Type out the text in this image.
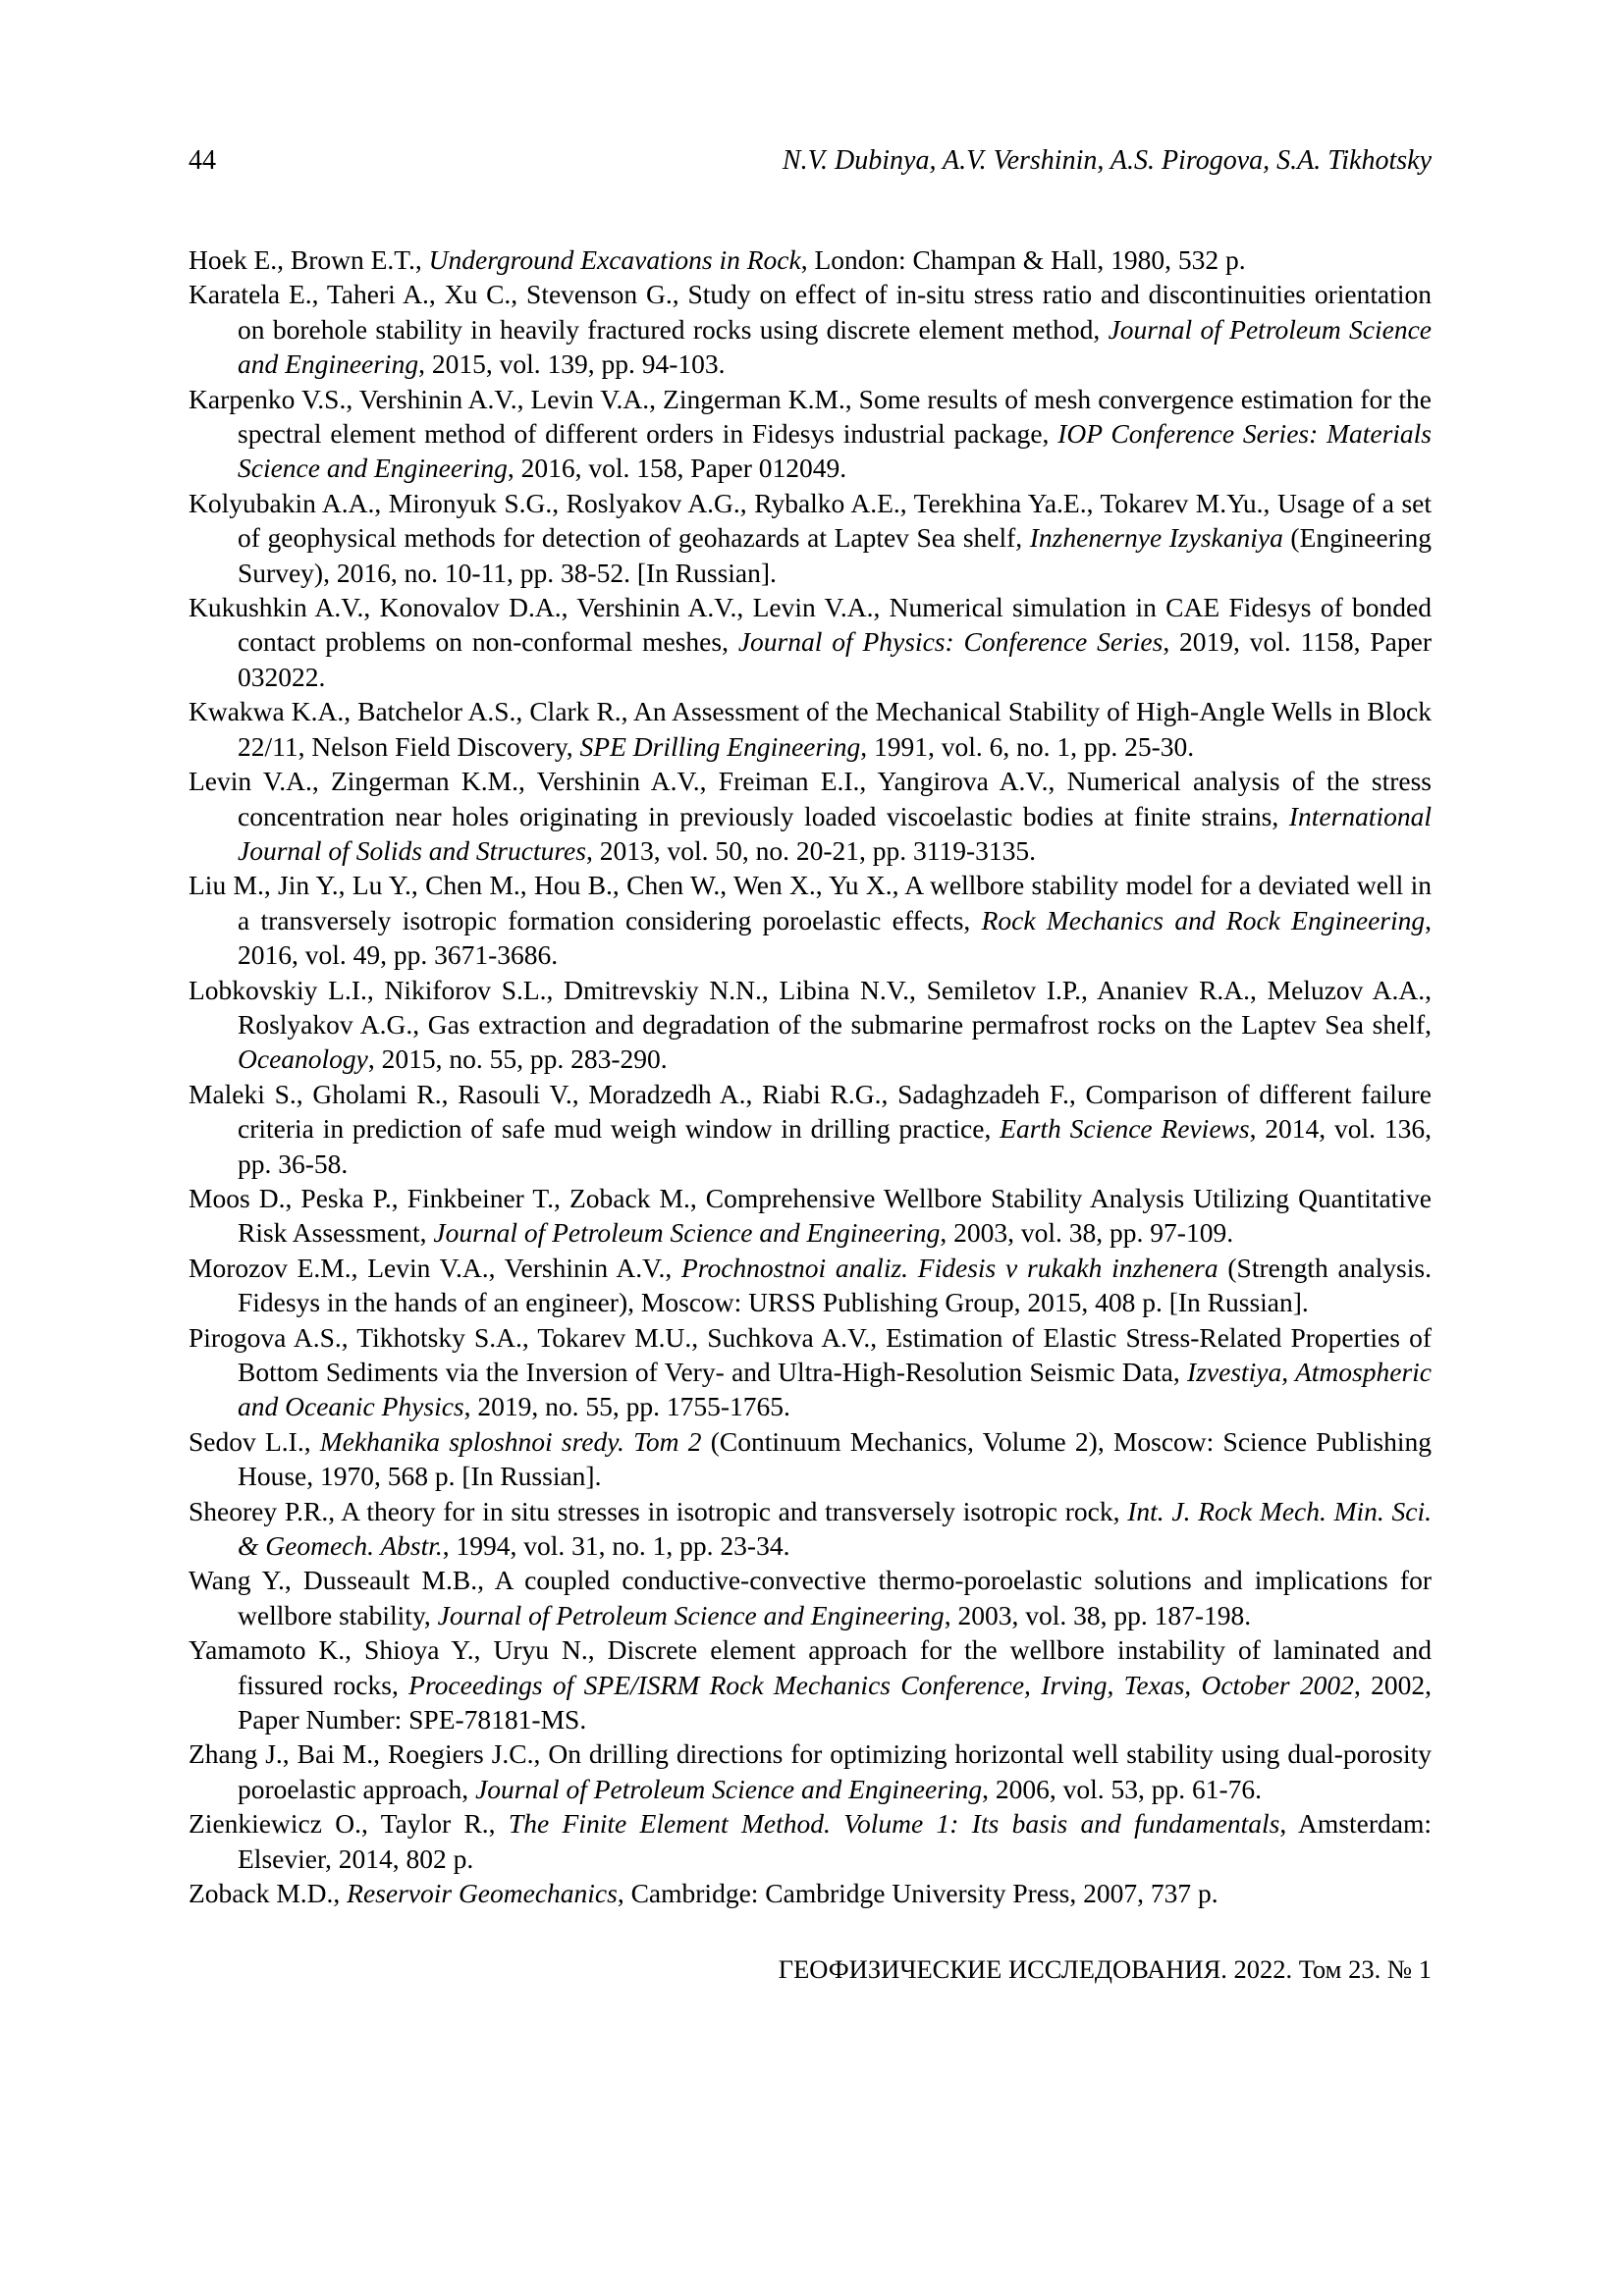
44	N.V. Dubinya, A.V. Vershinin, A.S. Pirogova, S.A. Tikhotsky

Hoek E., Brown E.T., Underground Excavations in Rock, London: Champan & Hall, 1980, 532 p.

Karatela E., Taheri A., Xu C., Stevenson G., Study on effect of in-situ stress ratio and discontinuities orientation on borehole stability in heavily fractured rocks using discrete element method, Journal of Petroleum Science and Engineering, 2015, vol. 139, pp. 94-103.

Karpenko V.S., Vershinin A.V., Levin V.A., Zingerman K.M., Some results of mesh convergence estimation for the spectral element method of different orders in Fidesys industrial package, IOP Conference Series: Materials Science and Engineering, 2016, vol. 158, Paper 012049.

Kolyubakin A.A., Mironyuk S.G., Roslyakov A.G., Rybalko A.E., Terekhina Ya.E., Tokarev M.Yu., Usage of a set of geophysical methods for detection of geohazards at Laptev Sea shelf, Inzhenernye Izyskaniya (Engineering Survey), 2016, no. 10-11, pp. 38-52. [In Russian].

Kukushkin A.V., Konovalov D.A., Vershinin A.V., Levin V.A., Numerical simulation in CAE Fidesys of bonded contact problems on non-conformal meshes, Journal of Physics: Conference Series, 2019, vol. 1158, Paper 032022.

Kwakwa K.A., Batchelor A.S., Clark R., An Assessment of the Mechanical Stability of High-Angle Wells in Block 22/11, Nelson Field Discovery, SPE Drilling Engineering, 1991, vol. 6, no. 1, pp. 25-30.

Levin V.A., Zingerman K.M., Vershinin A.V., Freiman E.I., Yangirova A.V., Numerical analysis of the stress concentration near holes originating in previously loaded viscoelastic bodies at finite strains, International Journal of Solids and Structures, 2013, vol. 50, no. 20-21, pp. 3119-3135.

Liu M., Jin Y., Lu Y., Chen M., Hou B., Chen W., Wen X., Yu X., A wellbore stability model for a deviated well in a transversely isotropic formation considering poroelastic effects, Rock Mechanics and Rock Engineering, 2016, vol. 49, pp. 3671-3686.

Lobkovskiy L.I., Nikiforov S.L., Dmitrevskiy N.N., Libina N.V., Semiletov I.P., Ananiev R.A., Meluzov A.A., Roslyakov A.G., Gas extraction and degradation of the submarine permafrost rocks on the Laptev Sea shelf, Oceanology, 2015, no. 55, pp. 283-290.

Maleki S., Gholami R., Rasouli V., Moradzedh A., Riabi R.G., Sadaghzadeh F., Comparison of different failure criteria in prediction of safe mud weigh window in drilling practice, Earth Science Reviews, 2014, vol. 136, pp. 36-58.

Moos D., Peska P., Finkbeiner T., Zoback M., Comprehensive Wellbore Stability Analysis Utilizing Quantitative Risk Assessment, Journal of Petroleum Science and Engineering, 2003, vol. 38, pp. 97-109.

Morozov E.M., Levin V.A., Vershinin A.V., Prochnostnoi analiz. Fidesis v rukakh inzhenera (Strength analysis. Fidesys in the hands of an engineer), Moscow: URSS Publishing Group, 2015, 408 p. [In Russian].

Pirogova A.S., Tikhotsky S.A., Tokarev M.U., Suchkova A.V., Estimation of Elastic Stress-Related Properties of Bottom Sediments via the Inversion of Very- and Ultra-High-Resolution Seismic Data, Izvestiya, Atmospheric and Oceanic Physics, 2019, no. 55, pp. 1755-1765.

Sedov L.I., Mekhanika sploshnoi sredy. Tom 2 (Continuum Mechanics, Volume 2), Moscow: Science Publishing House, 1970, 568 p. [In Russian].

Sheorey P.R., A theory for in situ stresses in isotropic and transversely isotropic rock, Int. J. Rock Mech. Min. Sci. & Geomech. Abstr., 1994, vol. 31, no. 1, pp. 23-34.

Wang Y., Dusseault M.B., A coupled conductive-convective thermo-poroelastic solutions and implications for wellbore stability, Journal of Petroleum Science and Engineering, 2003, vol. 38, pp. 187-198.

Yamamoto K., Shioya Y., Uryu N., Discrete element approach for the wellbore instability of laminated and fissured rocks, Proceedings of SPE/ISRM Rock Mechanics Conference, Irving, Texas, October 2002, 2002, Paper Number: SPE-78181-MS.

Zhang J., Bai M., Roegiers J.C., On drilling directions for optimizing horizontal well stability using dual-porosity poroelastic approach, Journal of Petroleum Science and Engineering, 2006, vol. 53, pp. 61-76.

Zienkiewicz O., Taylor R., The Finite Element Method. Volume 1: Its basis and fundamentals, Amsterdam: Elsevier, 2014, 802 p.

Zoback M.D., Reservoir Geomechanics, Cambridge: Cambridge University Press, 2007, 737 p.

ГЕОФИЗИЧЕСКИЕ ИССЛЕДОВАНИЯ. 2022. Том 23. № 1
